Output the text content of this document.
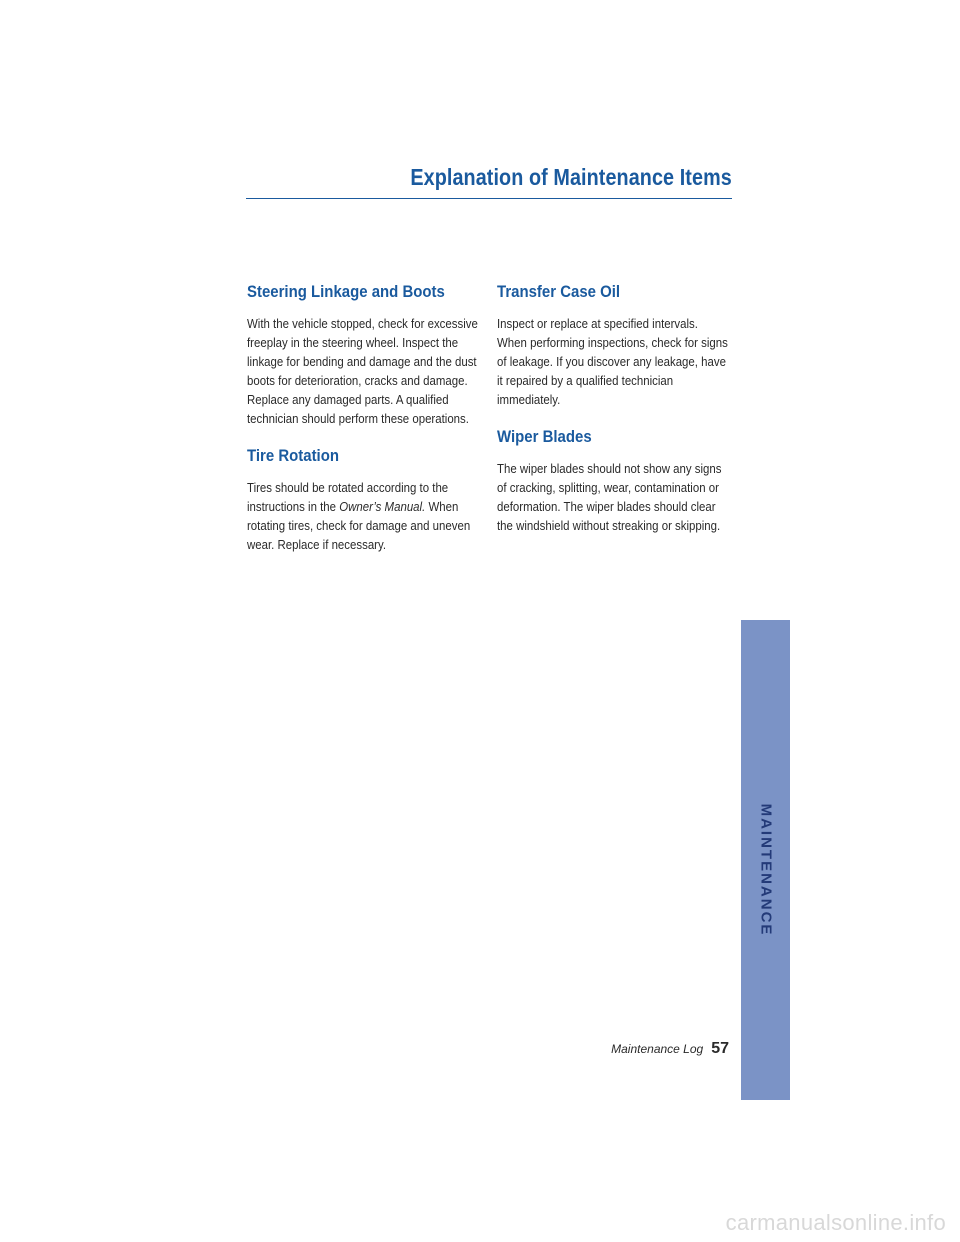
Explanation of Maintenance Items
Steering Linkage and Boots

With the vehicle stopped, check for excessive freeplay in the steering wheel. Inspect the linkage for bending and damage and the dust boots for deterioration, cracks and damage. Replace any damaged parts. A qualified technician should perform these operations.

Tire Rotation

Tires should be rotated according to the instructions in the Owner’s Manual. When rotating tires, check for damage and uneven wear. Replace if necessary.

Transfer Case Oil

Inspect or replace at specified intervals. When performing inspections, check for signs of leakage. If you discover any leakage, have it repaired by a qualified technician immediately.

Wiper Blades

The wiper blades should not show any signs of cracking, splitting, wear, contamination or deformation. The wiper blades should clear the windshield without streaking or skipping.

MAINTENANCE
Maintenance Log 57
carmanualsonline.info
